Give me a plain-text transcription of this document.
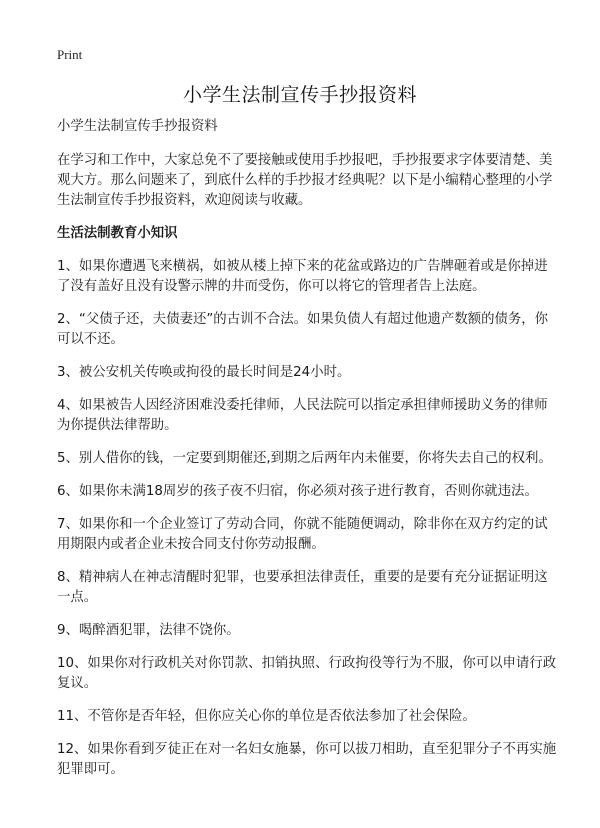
Print
小学生法制宣传手抄报资料

小学生法制宣传手抄报资料

在学习和工作中，大家总免不了要接触或使用手抄报吧，手抄报要求字体要清楚、美观大方。那么问题来了，到底什么样的手抄报才经典呢？以下是小编精心整理的小学生法制宣传手抄报资料，欢迎阅读与收藏。

生活法制教育小知识

1、如果你遭遇飞来横祸，如被从楼上掉下来的花盆或路边的广告牌砸着或是你掉进了没有盖好且没有设警示牌的井而受伤，你可以将它的管理者告上法庭。

2、“父债子还，夫债妻还”的古训不合法。如果负债人有超过他遗产数额的债务，你可以不还。

3、被公安机关传唤或拘役的最长时间是24小时。

4、如果被告人因经济困难没委托律师，人民法院可以指定承担律师援助义务的律师为你提供法律帮助。

5、别人借你的钱，一定要到期催还,到期之后两年内未催要，你将失去自己的权利。

6、如果你未满18周岁的孩子夜不归宿，你必须对孩子进行教育，否则你就违法。

7、如果你和一个企业签订了劳动合同，你就不能随便调动，除非你在双方约定的试用期限内或者企业未按合同支付你劳动报酬。

8、精神病人在神志清醒时犯罪，也要承担法律责任，重要的是要有充分证据证明这一点。

9、喝醉酒犯罪，法律不饶你。

10、如果你对行政机关对你罚款、扣销执照、行政拘役等行为不服，你可以申请行政复议。

11、不管你是否年轻，但你应关心你的单位是否依法参加了社会保险。

12、如果你看到歹徒正在对一名妇女施暴，你可以拔刀相助，直至犯罪分子不再实施犯罪即可。
